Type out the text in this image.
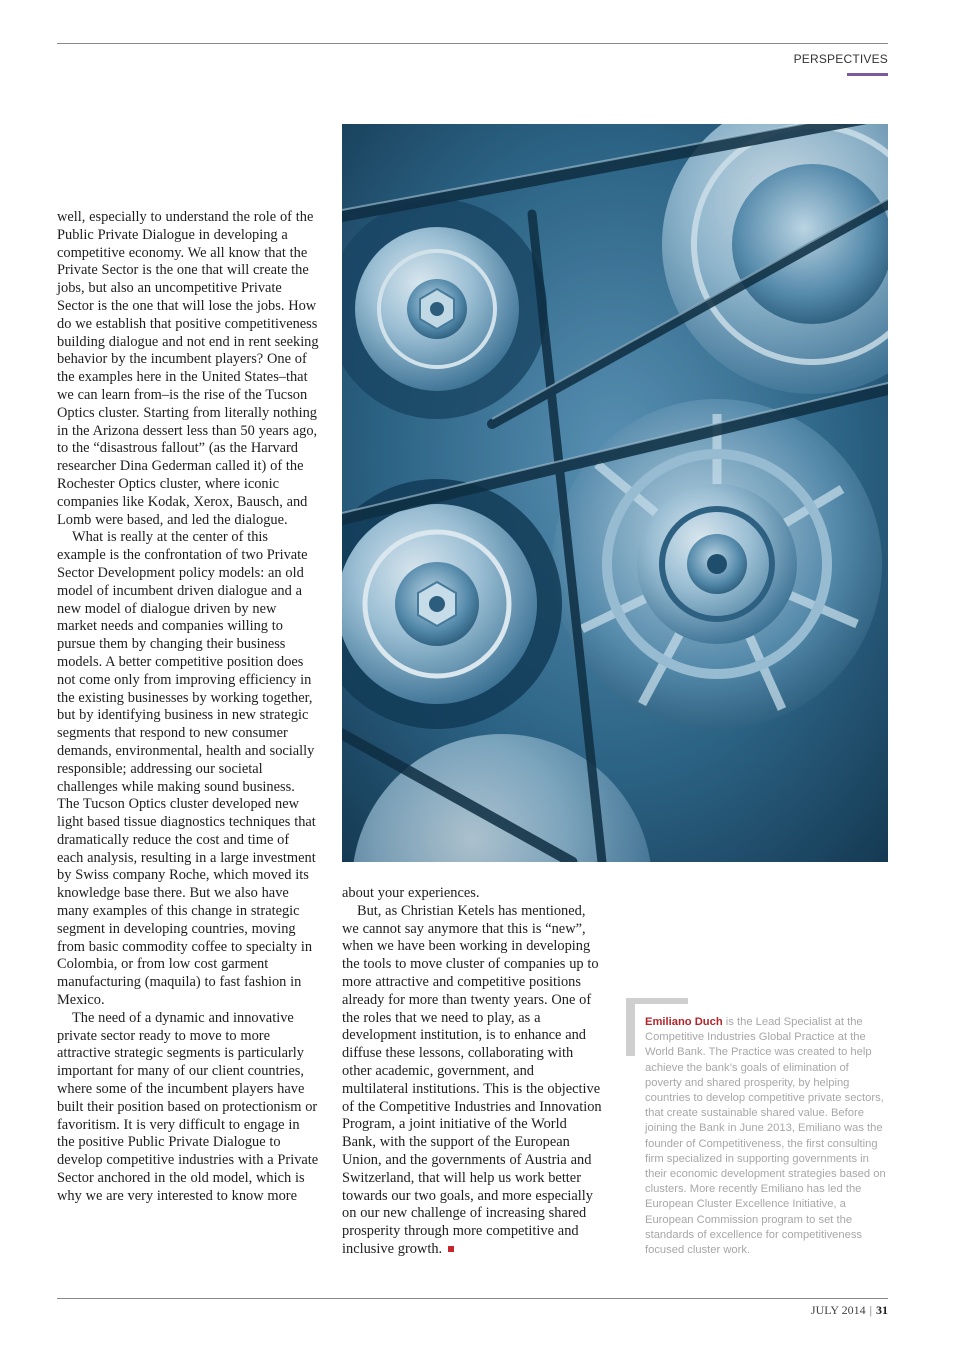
PERSPECTIVES

well, especially to understand the role of the Public Private Dialogue in developing a competitive economy. We all know that the Private Sector is the one that will create the jobs, but also an uncompetitive Private Sector is the one that will lose the jobs. How do we establish that positive competitiveness building dialogue and not end in rent seeking behavior by the incumbent players? One of the examples here in the United States–that we can learn from–is the rise of the Tucson Optics cluster. Starting from literally nothing in the Arizona dessert less than 50 years ago, to the “disastrous fallout” (as the Harvard researcher Dina Gederman called it) of the Rochester Optics cluster, where iconic companies like Kodak, Xerox, Bausch, and Lomb were based, and led the dialogue.

What is really at the center of this example is the confrontation of two Private Sector Development policy models: an old model of incumbent driven dialogue and a new model of dialogue driven by new market needs and companies willing to pursue them by changing their business models. A better competitive position does not come only from improving efficiency in the existing businesses by working together, but by identifying business in new strategic segments that respond to new consumer demands, environmental, health and socially responsible; addressing our societal challenges while making sound business. The Tucson Optics cluster developed new light based tissue diagnostics techniques that dramatically reduce the cost and time of each analysis, resulting in a large investment by Swiss company Roche, which moved its knowledge base there. But we also have many examples of this change in strategic segment in developing countries, moving from basic commodity coffee to specialty in Colombia, or from low cost garment manufacturing (maquila) to fast fashion in Mexico.

The need of a dynamic and innovative private sector ready to move to more attractive strategic segments is particularly important for many of our client countries, where some of the incumbent players have built their position based on protectionism or favoritism. It is very difficult to engage in the positive Public Private Dialogue to develop competitive industries with a Private Sector anchored in the old model, which is why we are very interested to know more

about your experiences.

But, as Christian Ketels has mentioned, we cannot say anymore that this is “new”, when we have been working in developing the tools to move cluster of companies up to more attractive and competitive positions already for more than twenty years. One of the roles that we need to play, as a development institution, is to enhance and diffuse these lessons, collaborating with other academic, government, and multilateral institutions. This is the objective of the Competitive Industries and Innovation Program, a joint initiative of the World Bank, with the support of the European Union, and the governments of Austria and Switzerland, that will help us work better towards our two goals, and more especially on our new challenge of increasing shared prosperity through more competitive and inclusive growth.

Emiliano Duch is the Lead Specialist at the Competitive Industries Global Practice at the World Bank. The Practice was created to help achieve the bank’s goals of elimination of poverty and shared prosperity, by helping countries to develop competitive private sectors, that create sustainable shared value. Before joining the Bank in June 2013, Emiliano was the founder of Competitiveness, the first consulting firm specialized in supporting governments in their economic development strategies based on clusters. More recently Emiliano has led the European Cluster Excellence Initiative, a European Commission program to set the standards of excellence for competitiveness focused cluster work.
JULY 2014 | 31
